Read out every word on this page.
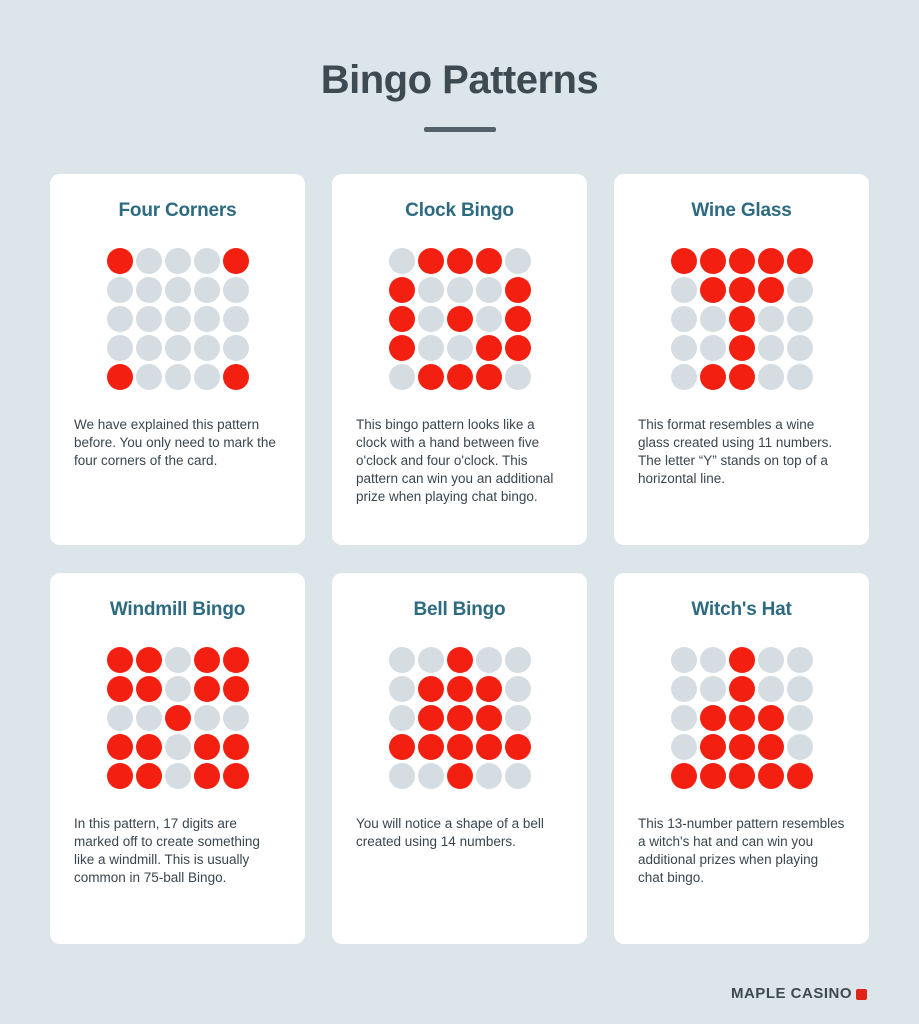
Bingo Patterns
Four Corners
We have explained this pattern before. You only need to mark the four corners of the card.
Clock Bingo
This bingo pattern looks like a clock with a hand between five o'clock and four o'clock. This pattern can win you an additional prize when playing chat bingo.
Wine Glass
This format resembles a wine glass created using 11 numbers. The letter “Y” stands on top of a horizontal line.
Windmill Bingo
In this pattern, 17 digits are marked off to create something like a windmill. This is usually common in 75-ball Bingo.
Bell Bingo
You will notice a shape of a bell created using 14 numbers.
Witch's Hat
This 13-number pattern resembles a witch's hat and can win you additional prizes when playing chat bingo.
MAPLE CASINO
